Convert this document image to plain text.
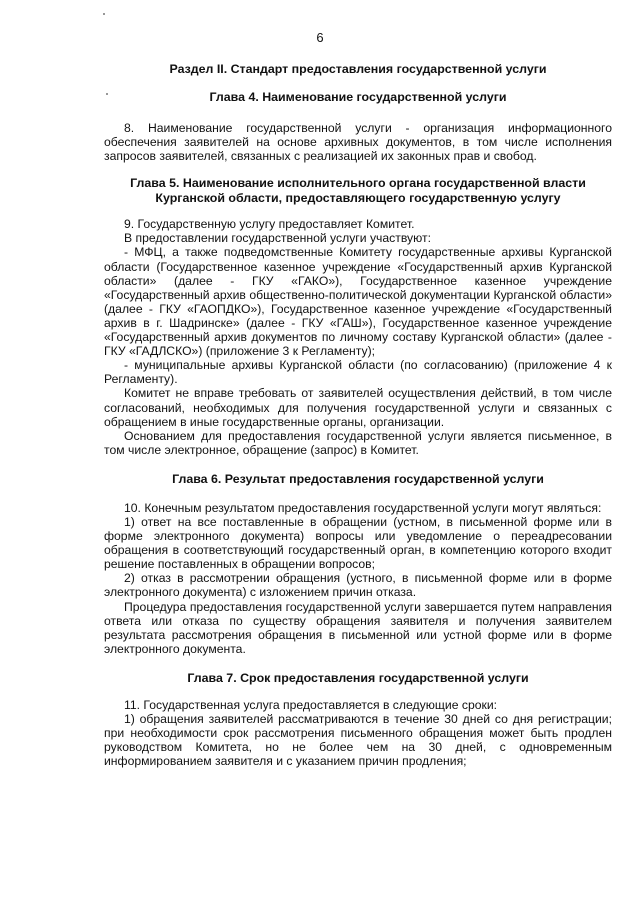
6
Раздел II. Стандарт предоставления государственной услуги
Глава 4. Наименование государственной услуги

8. Наименование государственной услуги - организация информационного обеспечения заявителей на основе архивных документов, в том числе исполнения запросов заявителей, связанных с реализацией их законных прав и свобод.

Глава 5. Наименование исполнительного органа государственной власти
Курганской области, предоставляющего государственную услугу

9. Государственную услугу предоставляет Комитет.

В предоставлении государственной услуги участвуют:

- МФЦ, а также подведомственные Комитету государственные архивы Курганской области (Государственное казенное учреждение «Государственный архив Курганской области» (далее - ГКУ «ГАКО»), Государственное казенное учреждение «Государственный архив общественно-политической документации Курганской области» (далее - ГКУ «ГАОПДКО»), Государственное казенное учреждение «Государственный архив в г. Шадринске» (далее - ГКУ «ГАШ»), Государственное казенное учреждение «Государственный архив документов по личному составу Курганской области» (далее - ГКУ «ГАДЛСКО») (приложение 3 к Регламенту);

- муниципальные архивы Курганской области (по согласованию) (приложение 4 к Регламенту).

Комитет не вправе требовать от заявителей осуществления действий, в том числе согласований, необходимых для получения государственной услуги и связанных с обращением в иные государственные органы, организации.

Основанием для предоставления государственной услуги является письменное, в том числе электронное, обращение (запрос) в Комитет.

Глава 6. Результат предоставления государственной услуги

10. Конечным результатом предоставления государственной услуги могут являться:

1) ответ на все поставленные в обращении (устном, в письменной форме или в форме электронного документа) вопросы или уведомление о переадресовании обращения в соответствующий государственный орган, в компетенцию которого входит решение поставленных в обращении вопросов;

2) отказ в рассмотрении обращения (устного, в письменной форме или в форме электронного документа) с изложением причин отказа.

Процедура предоставления государственной услуги завершается путем направления ответа или отказа по существу обращения заявителя и получения заявителем результата рассмотрения обращения в письменной или устной форме или в форме электронного документа.

Глава 7. Срок предоставления государственной услуги

11. Государственная услуга предоставляется в следующие сроки:

1) обращения заявителей рассматриваются в течение 30 дней со дня регистрации; при необходимости срок рассмотрения письменного обращения может быть продлен руководством Комитета, но не более чем на 30 дней, с одновременным информированием заявителя и с указанием причин продления;
